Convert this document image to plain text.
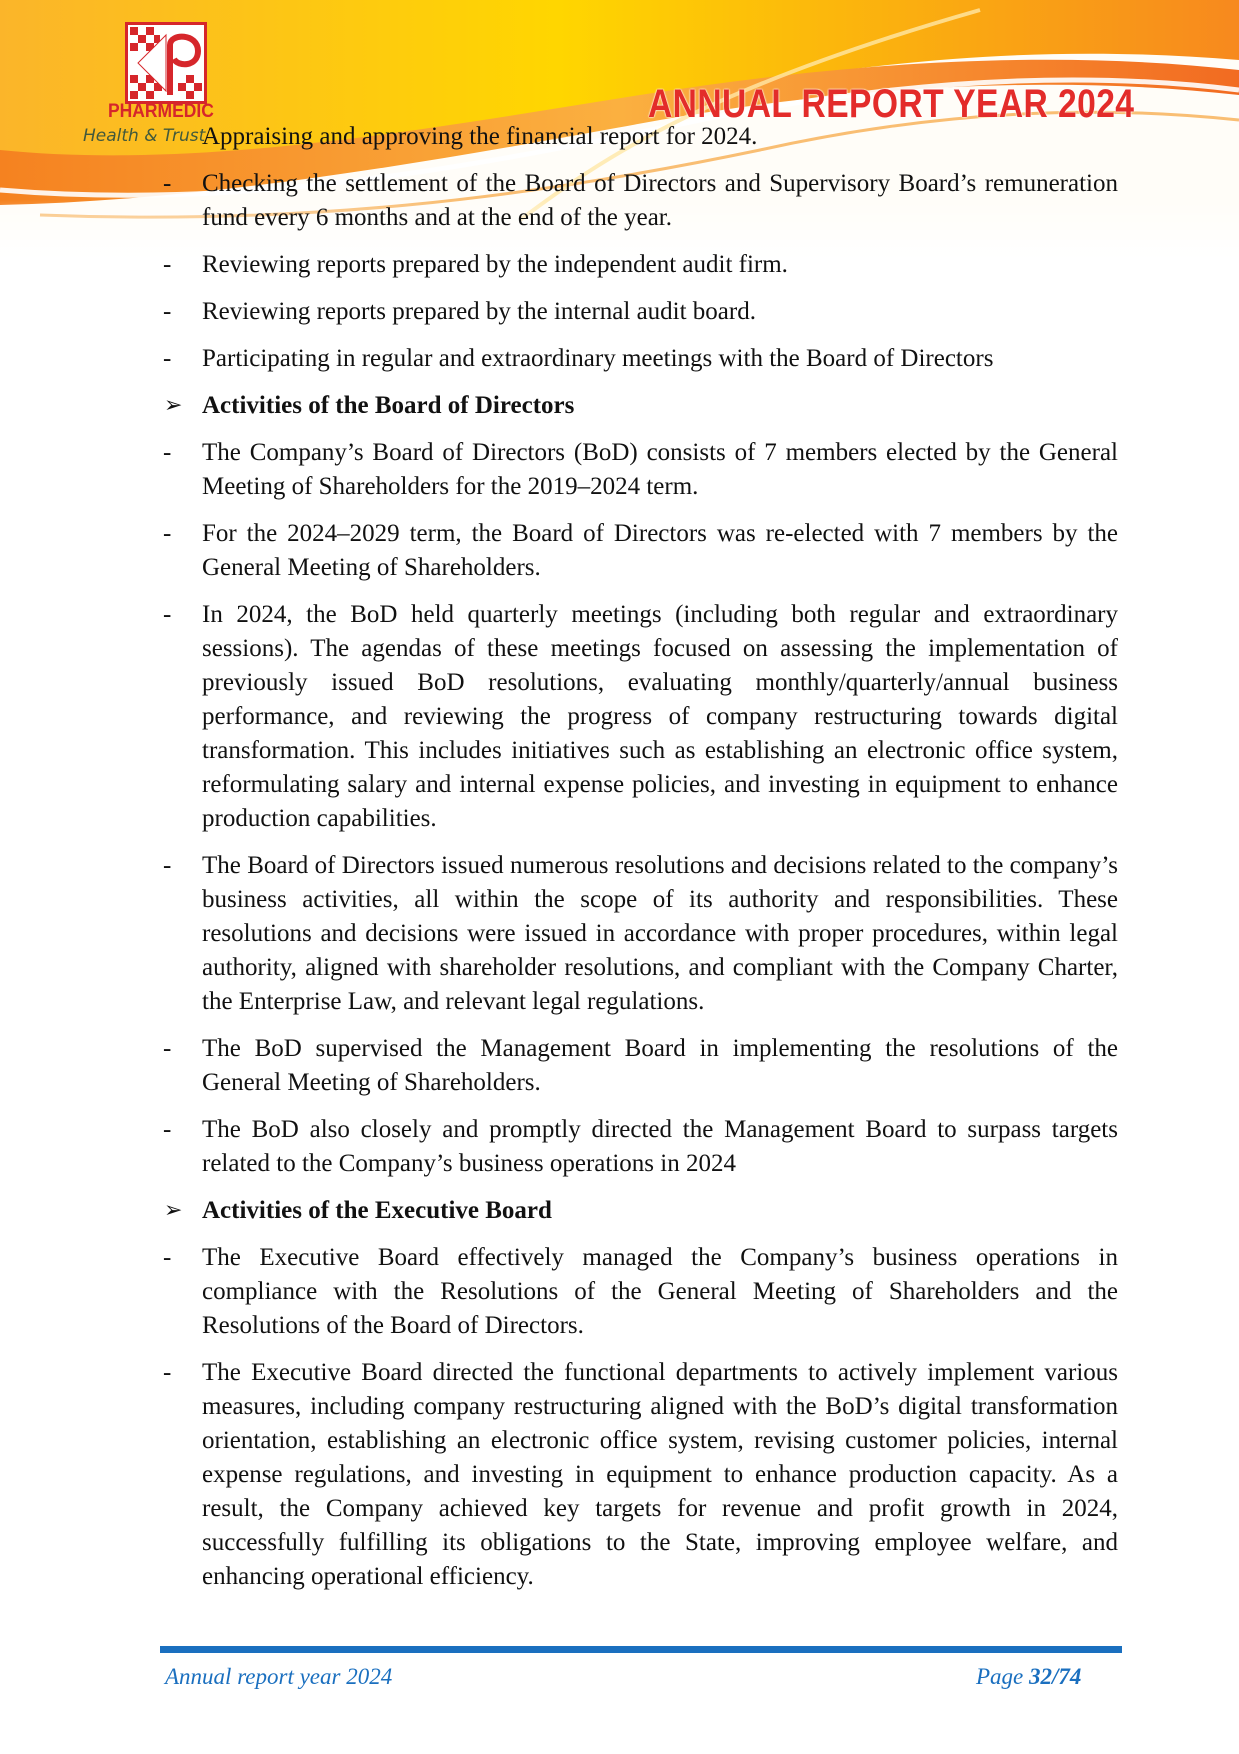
PHARMEDIC
Health & Trust
ANNUAL REPORT YEAR 2024
Appraising and approving the financial report for 2024.
- Checking the settlement of the Board of Directors and Supervisory Board’s remuneration fund every 6 months and at the end of the year.
- Reviewing reports prepared by the independent audit firm.
- Reviewing reports prepared by the internal audit board.
- Participating in regular and extraordinary meetings with the Board of Directors
➢ Activities of the Board of Directors
- The Company’s Board of Directors (BoD) consists of 7 members elected by the General Meeting of Shareholders for the 2019–2024 term.
- For the 2024–2029 term, the Board of Directors was re-elected with 7 members by the General Meeting of Shareholders.
- In 2024, the BoD held quarterly meetings (including both regular and extraordinary sessions). The agendas of these meetings focused on assessing the implementation of previously issued BoD resolutions, evaluating monthly/quarterly/annual business performance, and reviewing the progress of company restructuring towards digital transformation. This includes initiatives such as establishing an electronic office system, reformulating salary and internal expense policies, and investing in equipment to enhance production capabilities.
- The Board of Directors issued numerous resolutions and decisions related to the company’s business activities, all within the scope of its authority and responsibilities. These resolutions and decisions were issued in accordance with proper procedures, within legal authority, aligned with shareholder resolutions, and compliant with the Company Charter, the Enterprise Law, and relevant legal regulations.
- The BoD supervised the Management Board in implementing the resolutions of the General Meeting of Shareholders.
- The BoD also closely and promptly directed the Management Board to surpass targets related to the Company’s business operations in 2024
➢ Activities of the Executive Board
- The Executive Board effectively managed the Company’s business operations in compliance with the Resolutions of the General Meeting of Shareholders and the Resolutions of the Board of Directors.
- The Executive Board directed the functional departments to actively implement various measures, including company restructuring aligned with the BoD’s digital transformation orientation, establishing an electronic office system, revising customer policies, internal expense regulations, and investing in equipment to enhance production capacity. As a result, the Company achieved key targets for revenue and profit growth in 2024, successfully fulfilling its obligations to the State, improving employee welfare, and enhancing operational efficiency.
Annual report year 2024	Page 32/74
